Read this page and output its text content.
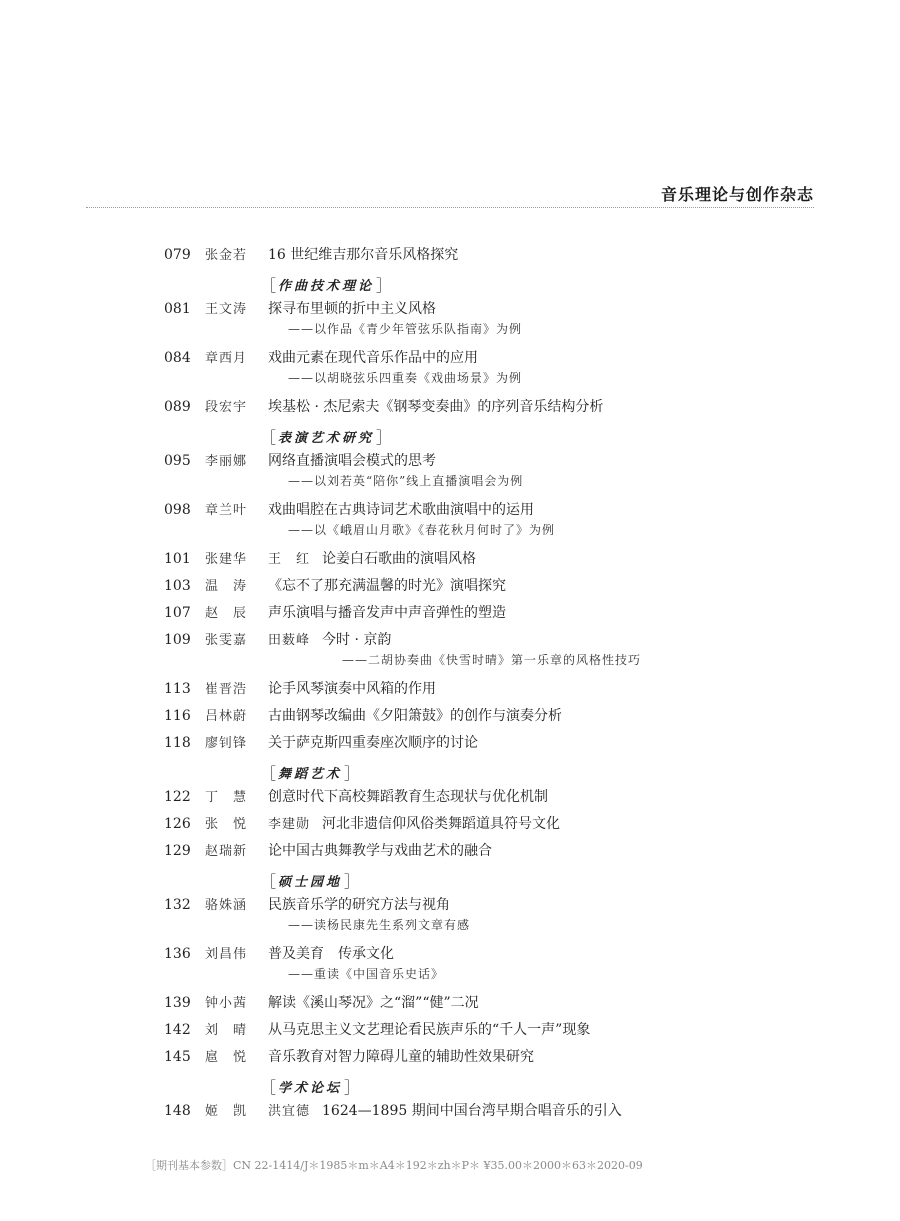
音乐理论与创作杂志
079	张金若	16 世纪维吉那尔音乐风格探究
［ 作曲技术理论 ］
081	王文涛	探寻布里顿的折中主义风格
——以作品《青少年管弦乐队指南》为例
084	章西月	戏曲元素在现代音乐作品中的应用
——以胡晓弦乐四重奏《戏曲场景》为例
089	段宏宇	埃基松 · 杰尼索夫《钢琴变奏曲》的序列音乐结构分析
［ 表演艺术研究 ］
095	李丽娜	网络直播演唱会模式的思考
——以刘若英“陪你”线上直播演唱会为例
098	章兰叶	戏曲唱腔在古典诗词艺术歌曲演唱中的运用
——以《峨眉山月歌》《春花秋月何时了》为例
101	张建华	王　红 论姜白石歌曲的演唱风格
103	温　涛	《忘不了那充满温馨的时光》演唱探究
107	赵　辰	声乐演唱与播音发声中声音弹性的塑造
109	张雯嘉	田薮峰 今时 · 京韵
——二胡协奏曲《快雪时晴》第一乐章的风格性技巧
113	崔晋浩	论手风琴演奏中风箱的作用
116	吕林蔚	古曲钢琴改编曲《夕阳箫鼓》的创作与演奏分析
118	廖钊锋	关于萨克斯四重奏座次顺序的讨论
［ 舞蹈艺术 ］
122	丁　慧	创意时代下高校舞蹈教育生态现状与优化机制
126	张　悦	李建勋 河北非遗信仰风俗类舞蹈道具符号文化
129	赵瑞新	论中国古典舞教学与戏曲艺术的融合
［ 硕士园地 ］
132	骆姝涵	民族音乐学的研究方法与视角
——读杨民康先生系列文章有感
136	刘昌伟	普及美育　传承文化
——重读《中国音乐史话》
139	钟小茜	解读《溪山琴况》之“溜”“健”二况
142	刘　晴	从马克思主义文艺理论看民族声乐的“千人一声”现象
145	扈　悦	音乐教育对智力障碍儿童的辅助性效果研究
［ 学术论坛 ］
148	姬　凯	洪宜德 1624—1895 期间中国台湾早期合唱音乐的引入
［期刊基本参数］CN 22-1414/J＊1985＊m＊A4＊192＊zh＊P＊ ¥35.00＊2000＊63＊2020-09
